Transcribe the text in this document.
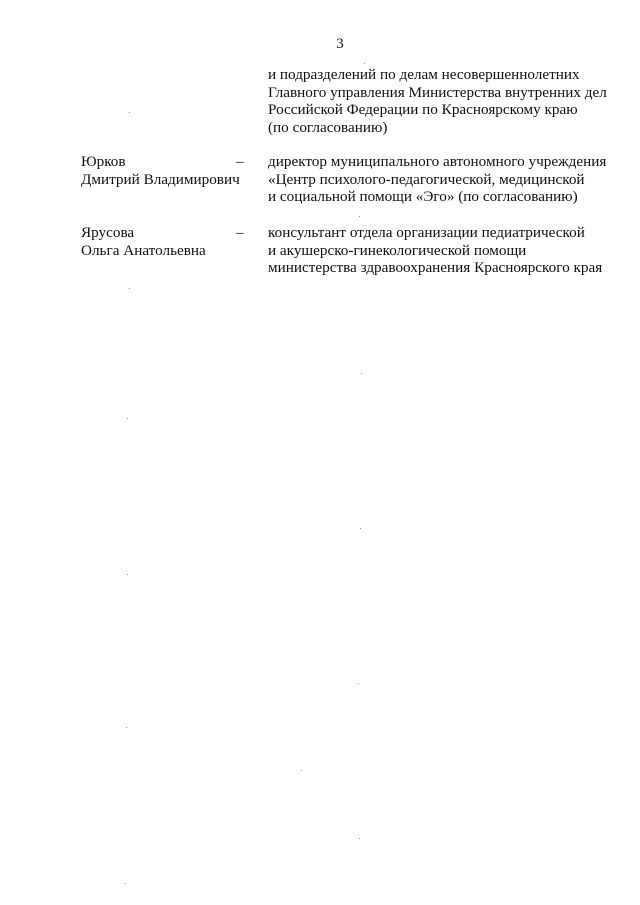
3
и подразделений по делам несовершеннолетних
Главного управления Министерства внутренних дел
Российской Федерации по Красноярскому краю
(по согласованию)
Юрков
Дмитрий Владимирович
– директор муниципального автономного учреждения
«Центр психолого-педагогической, медицинской
и социальной помощи «Эго» (по согласованию)
Ярусова
Ольга Анатольевна
– консультант отдела организации педиатрической
и акушерско-гинекологической помощи
министерства здравоохранения Красноярского края
